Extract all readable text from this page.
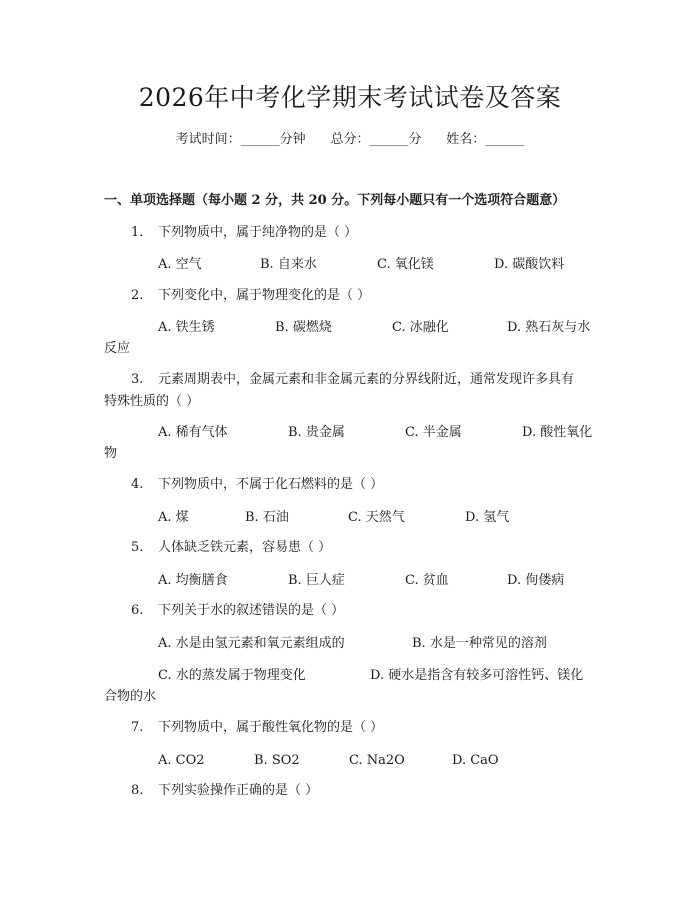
2026年中考化学期末考试试卷及答案
考试时间：______分钟 总分：______分 姓名：______
一、单项选择题（每小题 2 分，共 20 分。下列每小题只有一个选项符合题意）
1. 下列物质中，属于纯净物的是（ ）
A. 空气	B. 自来水	C. 氧化镁	D. 碳酸饮料
2. 下列变化中，属于物理变化的是（ ）
A. 铁生锈	B. 碳燃烧	C. 冰融化	D. 熟石灰与水
反应
3. 元素周期表中，金属元素和非金属元素的分界线附近，通常发现许多具有
特殊性质的（ ）
A. 稀有气体	B. 贵金属	C. 半金属	D. 酸性氧化
物
4. 下列物质中，不属于化石燃料的是（ ）
A. 煤	B. 石油	C. 天然气	D. 氢气
5. 人体缺乏铁元素，容易患（ ）
A. 均衡膳食	B. 巨人症	C. 贫血	D. 佝偻病
6. 下列关于水的叙述错误的是（ ）
A. 水是由氢元素和氧元素组成的	B. 水是一种常见的溶剂
C. 水的蒸发属于物理变化	D. 硬水是指含有较多可溶性钙、镁化
合物的水
7. 下列物质中，属于酸性氧化物的是（ ）
A. CO2	B. SO2	C. Na2O	D. CaO
8. 下列实验操作正确的是（ ）
